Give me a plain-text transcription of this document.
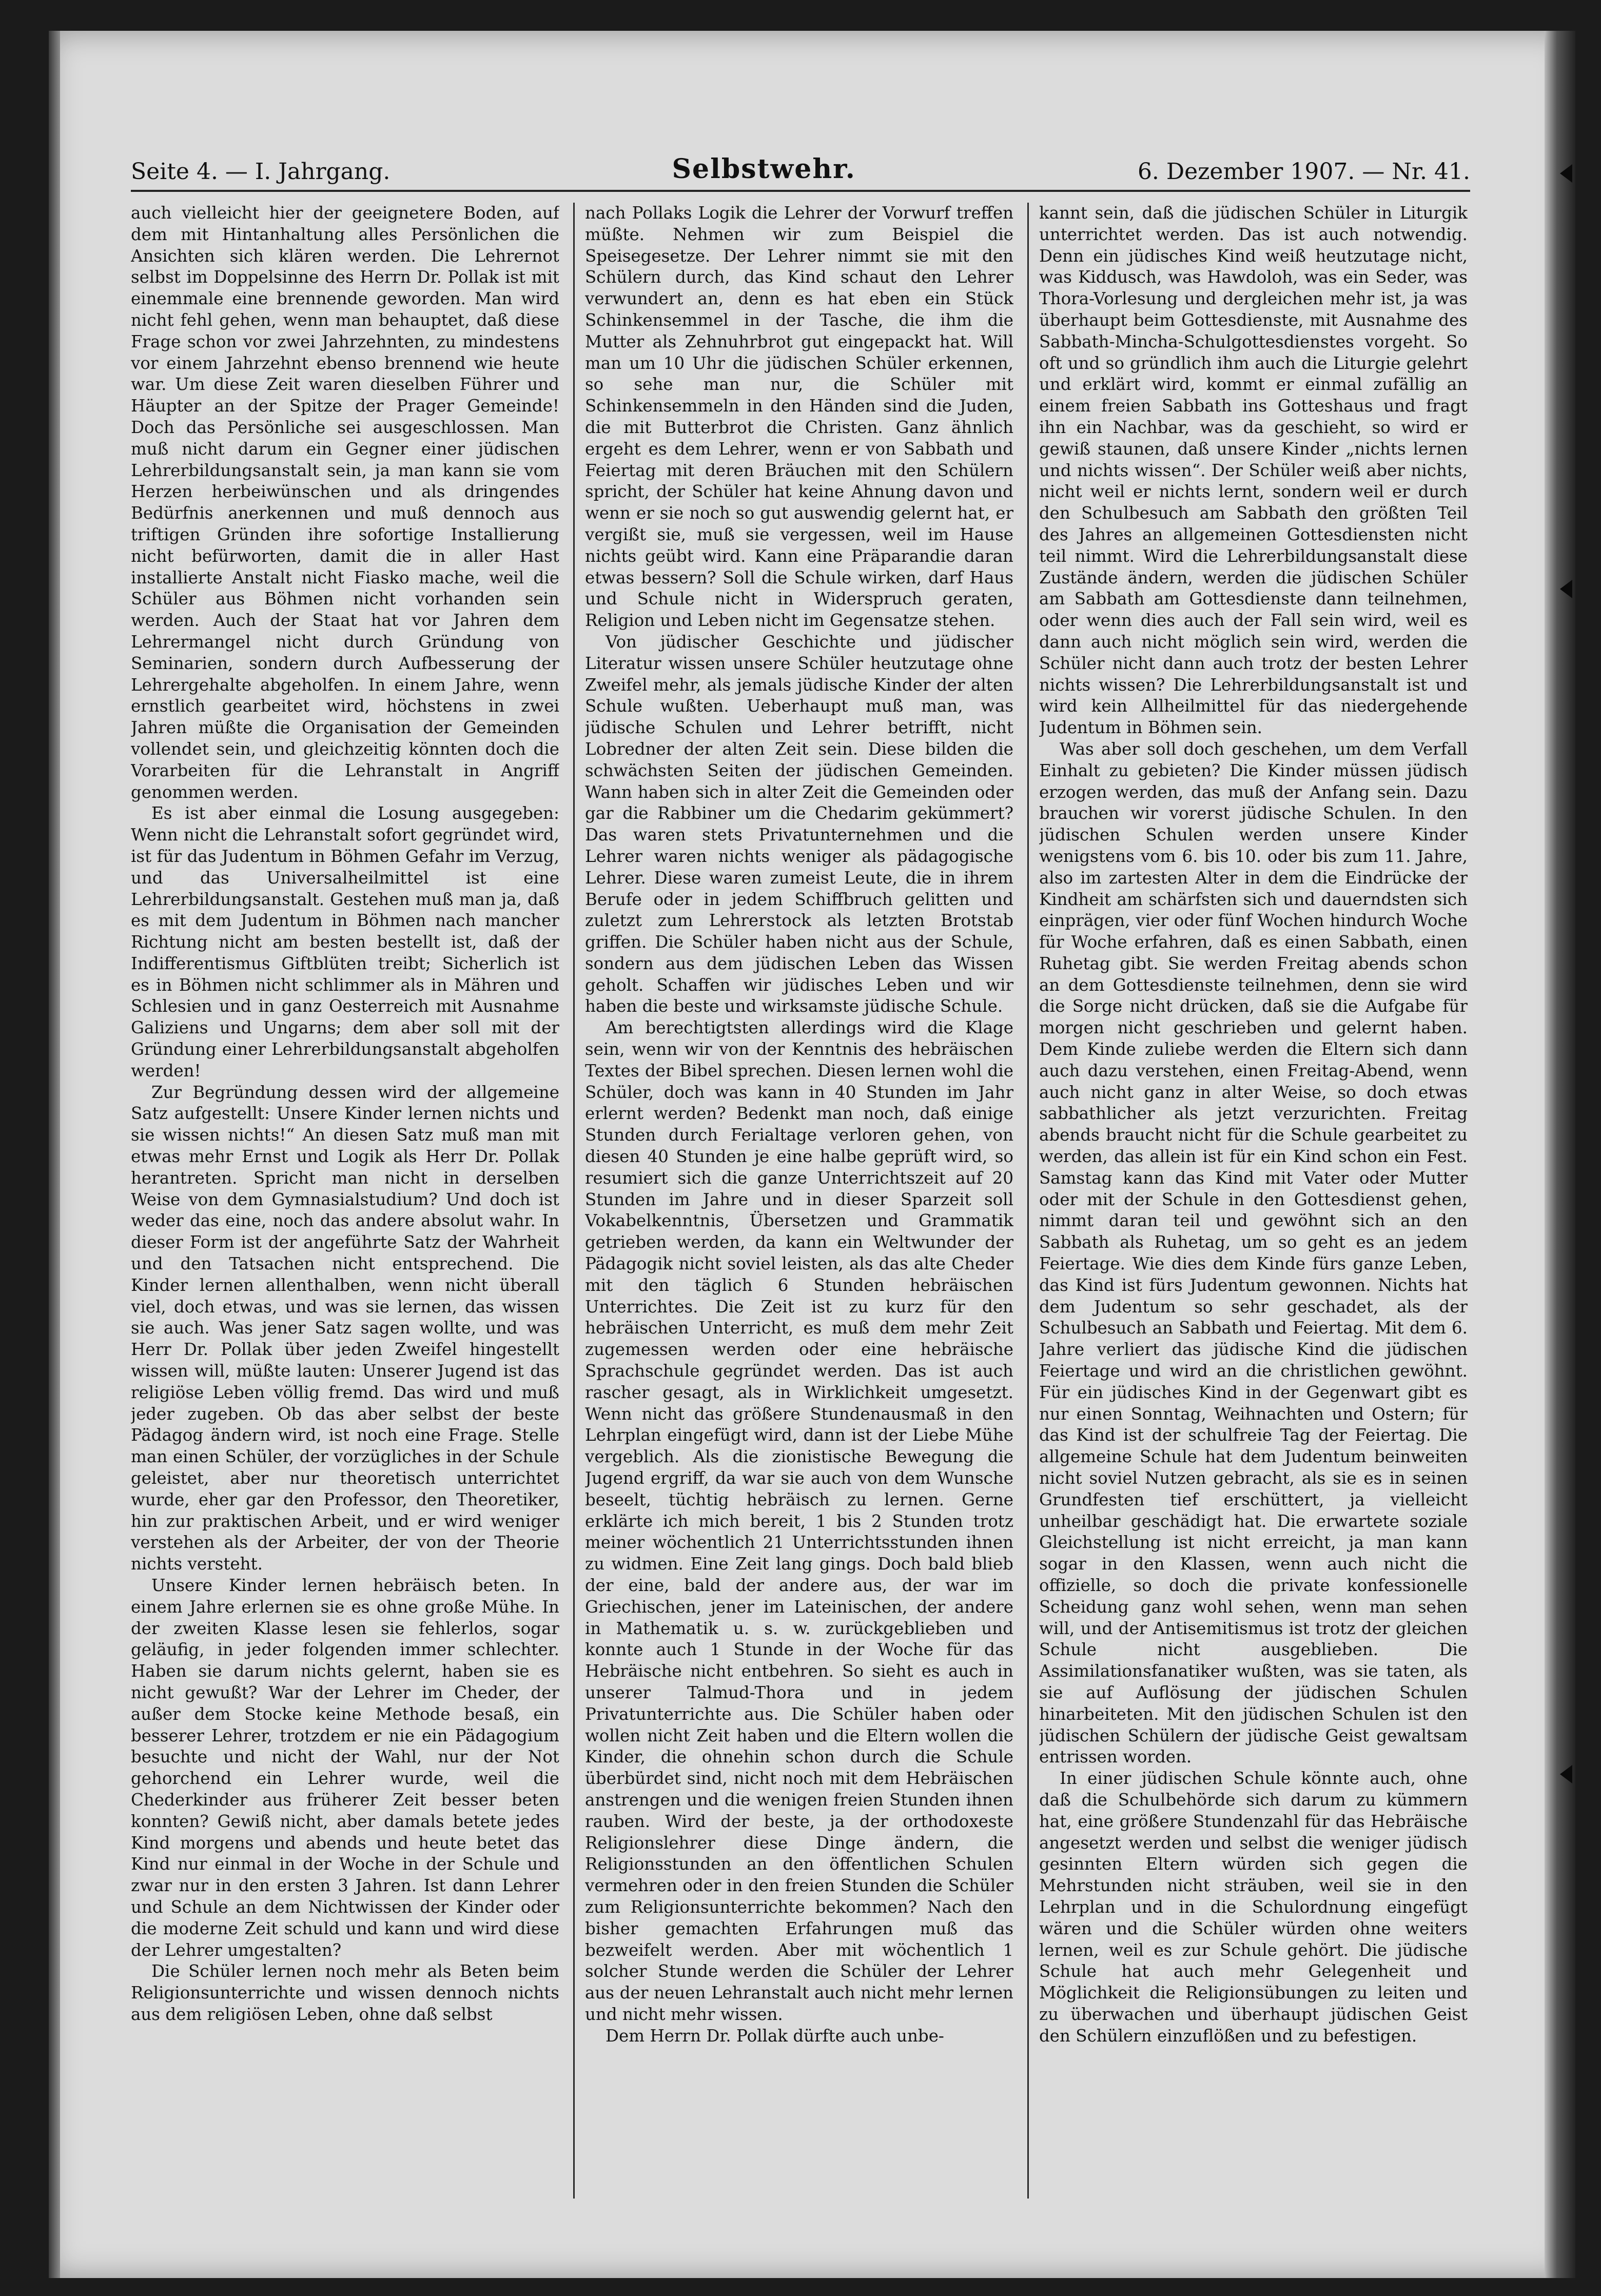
Seite 4. — I. Jahrgang.	Selbstwehr.	6. Dezember 1907. — Nr. 41.

auch vielleicht hier der geeignetere Boden, auf dem mit Hintanhaltung alles Persönlichen die Ansichten sich klären werden. Die Lehrernot selbst im Doppelsinne des Herrn Dr. Pollak ist mit einemmale eine brennende geworden. Man wird nicht fehl gehen, wenn man behauptet, daß diese Frage schon vor zwei Jahrzehnten, zu mindestens vor einem Jahrzehnt ebenso brennend wie heute war. Um diese Zeit waren dieselben Führer und Häupter an der Spitze der Prager Gemeinde! Doch das Persönliche sei ausgeschlossen. Man muß nicht darum ein Gegner einer jüdischen Lehrerbildungsanstalt sein, ja man kann sie vom Herzen herbeiwünschen und als dringendes Bedürfnis anerkennen und muß dennoch aus triftigen Gründen ihre sofortige Installierung nicht befürworten, damit die in aller Hast installierte Anstalt nicht Fiasko mache, weil die Schüler aus Böhmen nicht vorhanden sein werden. Auch der Staat hat vor Jahren dem Lehrermangel nicht durch Gründung von Seminarien, sondern durch Aufbesserung der Lehrergehalte abgeholfen. In einem Jahre, wenn ernstlich gearbeitet wird, höchstens in zwei Jahren müßte die Organisation der Gemeinden vollendet sein, und gleichzeitig könnten doch die Vorarbeiten für die Lehranstalt in Angriff genommen werden.

Es ist aber einmal die Losung ausgegeben: Wenn nicht die Lehranstalt sofort gegründet wird, ist für das Judentum in Böhmen Gefahr im Verzug, und das Universalheilmittel ist eine Lehrerbildungsanstalt. Gestehen muß man ja, daß es mit dem Judentum in Böhmen nach mancher Richtung nicht am besten bestellt ist, daß der Indifferentismus Giftblüten treibt; Sicherlich ist es in Böhmen nicht schlimmer als in Mähren und Schlesien und in ganz Oesterreich mit Ausnahme Galiziens und Ungarns; dem aber soll mit der Gründung einer Lehrerbildungsanstalt abgeholfen werden!

Zur Begründung dessen wird der allgemeine Satz aufgestellt: Unsere Kinder lernen nichts und sie wissen nichts!“ An diesen Satz muß man mit etwas mehr Ernst und Logik als Herr Dr. Pollak herantreten. Spricht man nicht in derselben Weise von dem Gymnasialstudium? Und doch ist weder das eine, noch das andere absolut wahr. In dieser Form ist der angeführte Satz der Wahrheit und den Tatsachen nicht entsprechend. Die Kinder lernen allenthalben, wenn nicht überall viel, doch etwas, und was sie lernen, das wissen sie auch. Was jener Satz sagen wollte, und was Herr Dr. Pollak über jeden Zweifel hingestellt wissen will, müßte lauten: Unserer Jugend ist das religiöse Leben völlig fremd. Das wird und muß jeder zugeben. Ob das aber selbst der beste Pädagog ändern wird, ist noch eine Frage. Stelle man einen Schüler, der vorzügliches in der Schule geleistet, aber nur theoretisch unterrichtet wurde, eher gar den Professor, den Theoretiker, hin zur praktischen Arbeit, und er wird weniger verstehen als der Arbeiter, der von der Theorie nichts versteht.

Unsere Kinder lernen hebräisch beten. In einem Jahre erlernen sie es ohne große Mühe. In der zweiten Klasse lesen sie fehlerlos, sogar geläufig, in jeder folgenden immer schlechter. Haben sie darum nichts gelernt, haben sie es nicht gewußt? War der Lehrer im Cheder, der außer dem Stocke keine Methode besaß, ein besserer Lehrer, trotzdem er nie ein Pädagogium besuchte und nicht der Wahl, nur der Not gehorchend ein Lehrer wurde, weil die Chederkinder aus früherer Zeit besser beten konnten? Gewiß nicht, aber damals betete jedes Kind morgens und abends und heute betet das Kind nur einmal in der Woche in der Schule und zwar nur in den ersten 3 Jahren. Ist dann Lehrer und Schule an dem Nichtwissen der Kinder oder die moderne Zeit schuld und kann und wird diese der Lehrer umgestalten?

Die Schüler lernen noch mehr als Beten beim Religionsunterrichte und wissen dennoch nichts aus dem religiösen Leben, ohne daß selbst

nach Pollaks Logik die Lehrer der Vorwurf treffen müßte. Nehmen wir zum Beispiel die Speisegesetze. Der Lehrer nimmt sie mit den Schülern durch, das Kind schaut den Lehrer verwundert an, denn es hat eben ein Stück Schinkensemmel in der Tasche, die ihm die Mutter als Zehnuhrbrot gut eingepackt hat. Will man um 10 Uhr die jüdischen Schüler erkennen, so sehe man nur, die Schüler mit Schinkensemmeln in den Händen sind die Juden, die mit Butterbrot die Christen. Ganz ähnlich ergeht es dem Lehrer, wenn er von Sabbath und Feiertag mit deren Bräuchen mit den Schülern spricht, der Schüler hat keine Ahnung davon und wenn er sie noch so gut auswendig gelernt hat, er vergißt sie, muß sie vergessen, weil im Hause nichts geübt wird. Kann eine Präparandie daran etwas bessern? Soll die Schule wirken, darf Haus und Schule nicht in Widerspruch geraten, Religion und Leben nicht im Gegensatze stehen.

Von jüdischer Geschichte und jüdischer Literatur wissen unsere Schüler heutzutage ohne Zweifel mehr, als jemals jüdische Kinder der alten Schule wußten. Ueberhaupt muß man, was jüdische Schulen und Lehrer betrifft, nicht Lobredner der alten Zeit sein. Diese bilden die schwächsten Seiten der jüdischen Gemeinden. Wann haben sich in alter Zeit die Gemeinden oder gar die Rabbiner um die Chedarim gekümmert? Das waren stets Privatunternehmen und die Lehrer waren nichts weniger als pädagogische Lehrer. Diese waren zumeist Leute, die in ihrem Berufe oder in jedem Schiffbruch gelitten und zuletzt zum Lehrerstock als letzten Brotstab griffen. Die Schüler haben nicht aus der Schule, sondern aus dem jüdischen Leben das Wissen geholt. Schaffen wir jüdisches Leben und wir haben die beste und wirksamste jüdische Schule.

Am berechtigtsten allerdings wird die Klage sein, wenn wir von der Kenntnis des hebräischen Textes der Bibel sprechen. Diesen lernen wohl die Schüler, doch was kann in 40 Stunden im Jahr erlernt werden? Bedenkt man noch, daß einige Stunden durch Ferialtage verloren gehen, von diesen 40 Stunden je eine halbe geprüft wird, so resumiert sich die ganze Unterrichtszeit auf 20 Stunden im Jahre und in dieser Sparzeit soll Vokabelkenntnis, Übersetzen und Grammatik getrieben werden, da kann ein Weltwunder der Pädagogik nicht soviel leisten, als das alte Cheder mit den täglich 6 Stunden hebräischen Unterrichtes. Die Zeit ist zu kurz für den hebräischen Unterricht, es muß dem mehr Zeit zugemessen werden oder eine hebräische Sprachschule gegründet werden. Das ist auch rascher gesagt, als in Wirklichkeit umgesetzt. Wenn nicht das größere Stundenausmaß in den Lehrplan eingefügt wird, dann ist der Liebe Mühe vergeblich. Als die zionistische Bewegung die Jugend ergriff, da war sie auch von dem Wunsche beseelt, tüchtig hebräisch zu lernen. Gerne erklärte ich mich bereit, 1 bis 2 Stunden trotz meiner wöchentlich 21 Unterrichtsstunden ihnen zu widmen. Eine Zeit lang gings. Doch bald blieb der eine, bald der andere aus, der war im Griechischen, jener im Lateinischen, der andere in Mathematik u. s. w. zurückgeblieben und konnte auch 1 Stunde in der Woche für das Hebräische nicht entbehren. So sieht es auch in unserer Talmud-Thora und in jedem Privatunterrichte aus. Die Schüler haben oder wollen nicht Zeit haben und die Eltern wollen die Kinder, die ohnehin schon durch die Schule überbürdet sind, nicht noch mit dem Hebräischen anstrengen und die wenigen freien Stunden ihnen rauben. Wird der beste, ja der orthodoxeste Religionslehrer diese Dinge ändern, die Religionsstunden an den öffentlichen Schulen vermehren oder in den freien Stunden die Schüler zum Religionsunterrichte bekommen? Nach den bisher gemachten Erfahrungen muß das bezweifelt werden. Aber mit wöchentlich 1 solcher Stunde werden die Schüler der Lehrer aus der neuen Lehranstalt auch nicht mehr lernen und nicht mehr wissen.

Dem Herrn Dr. Pollak dürfte auch unbe-

kannt sein, daß die jüdischen Schüler in Liturgik unterrichtet werden. Das ist auch notwendig. Denn ein jüdisches Kind weiß heutzutage nicht, was Kiddusch, was Hawdoloh, was ein Seder, was Thora-Vorlesung und dergleichen mehr ist, ja was überhaupt beim Gottesdienste, mit Ausnahme des Sabbath-Mincha-Schulgottesdienstes vorgeht. So oft und so gründlich ihm auch die Liturgie gelehrt und erklärt wird, kommt er einmal zufällig an einem freien Sabbath ins Gotteshaus und fragt ihn ein Nachbar, was da geschieht, so wird er gewiß staunen, daß unsere Kinder „nichts lernen und nichts wissen“. Der Schüler weiß aber nichts, nicht weil er nichts lernt, sondern weil er durch den Schulbesuch am Sabbath den größten Teil des Jahres an allgemeinen Gottesdiensten nicht teil nimmt. Wird die Lehrerbildungsanstalt diese Zustände ändern, werden die jüdischen Schüler am Sabbath am Gottesdienste dann teilnehmen, oder wenn dies auch der Fall sein wird, weil es dann auch nicht möglich sein wird, werden die Schüler nicht dann auch trotz der besten Lehrer nichts wissen? Die Lehrerbildungsanstalt ist und wird kein Allheilmittel für das niedergehende Judentum in Böhmen sein.

Was aber soll doch geschehen, um dem Verfall Einhalt zu gebieten? Die Kinder müssen jüdisch erzogen werden, das muß der Anfang sein. Dazu brauchen wir vorerst jüdische Schulen. In den jüdischen Schulen werden unsere Kinder wenigstens vom 6. bis 10. oder bis zum 11. Jahre, also im zartesten Alter in dem die Eindrücke der Kindheit am schärfsten sich und dauerndsten sich einprägen, vier oder fünf Wochen hindurch Woche für Woche erfahren, daß es einen Sabbath, einen Ruhetag gibt. Sie werden Freitag abends schon an dem Gottesdienste teilnehmen, denn sie wird die Sorge nicht drücken, daß sie die Aufgabe für morgen nicht geschrieben und gelernt haben. Dem Kinde zuliebe werden die Eltern sich dann auch dazu verstehen, einen Freitag-Abend, wenn auch nicht ganz in alter Weise, so doch etwas sabbathlicher als jetzt verzurichten. Freitag abends braucht nicht für die Schule gearbeitet zu werden, das allein ist für ein Kind schon ein Fest. Samstag kann das Kind mit Vater oder Mutter oder mit der Schule in den Gottesdienst gehen, nimmt daran teil und gewöhnt sich an den Sabbath als Ruhetag, um so geht es an jedem Feiertage. Wie dies dem Kinde fürs ganze Leben, das Kind ist fürs Judentum gewonnen. Nichts hat dem Judentum so sehr geschadet, als der Schulbesuch an Sabbath und Feiertag. Mit dem 6. Jahre verliert das jüdische Kind die jüdischen Feiertage und wird an die christlichen gewöhnt. Für ein jüdisches Kind in der Gegenwart gibt es nur einen Sonntag, Weihnachten und Ostern; für das Kind ist der schulfreie Tag der Feiertag. Die allgemeine Schule hat dem Judentum beinweiten nicht soviel Nutzen gebracht, als sie es in seinen Grundfesten tief erschüttert, ja vielleicht unheilbar geschädigt hat. Die erwartete soziale Gleichstellung ist nicht erreicht, ja man kann sogar in den Klassen, wenn auch nicht die offizielle, so doch die private konfessionelle Scheidung ganz wohl sehen, wenn man sehen will, und der Antisemitismus ist trotz der gleichen Schule nicht ausgeblieben. Die Assimilationsfanatiker wußten, was sie taten, als sie auf Auflösung der jüdischen Schulen hinarbeiteten. Mit den jüdischen Schulen ist den jüdischen Schülern der jüdische Geist gewaltsam entrissen worden.

In einer jüdischen Schule könnte auch, ohne daß die Schulbehörde sich darum zu kümmern hat, eine größere Stundenzahl für das Hebräische angesetzt werden und selbst die weniger jüdisch gesinnten Eltern würden sich gegen die Mehrstunden nicht sträuben, weil sie in den Lehrplan und in die Schulordnung eingefügt wären und die Schüler würden ohne weiters lernen, weil es zur Schule gehört. Die jüdische Schule hat auch mehr Gelegenheit und Möglichkeit die Religionsübungen zu leiten und zu überwachen und überhaupt jüdischen Geist den Schülern einzuflößen und zu befestigen.
